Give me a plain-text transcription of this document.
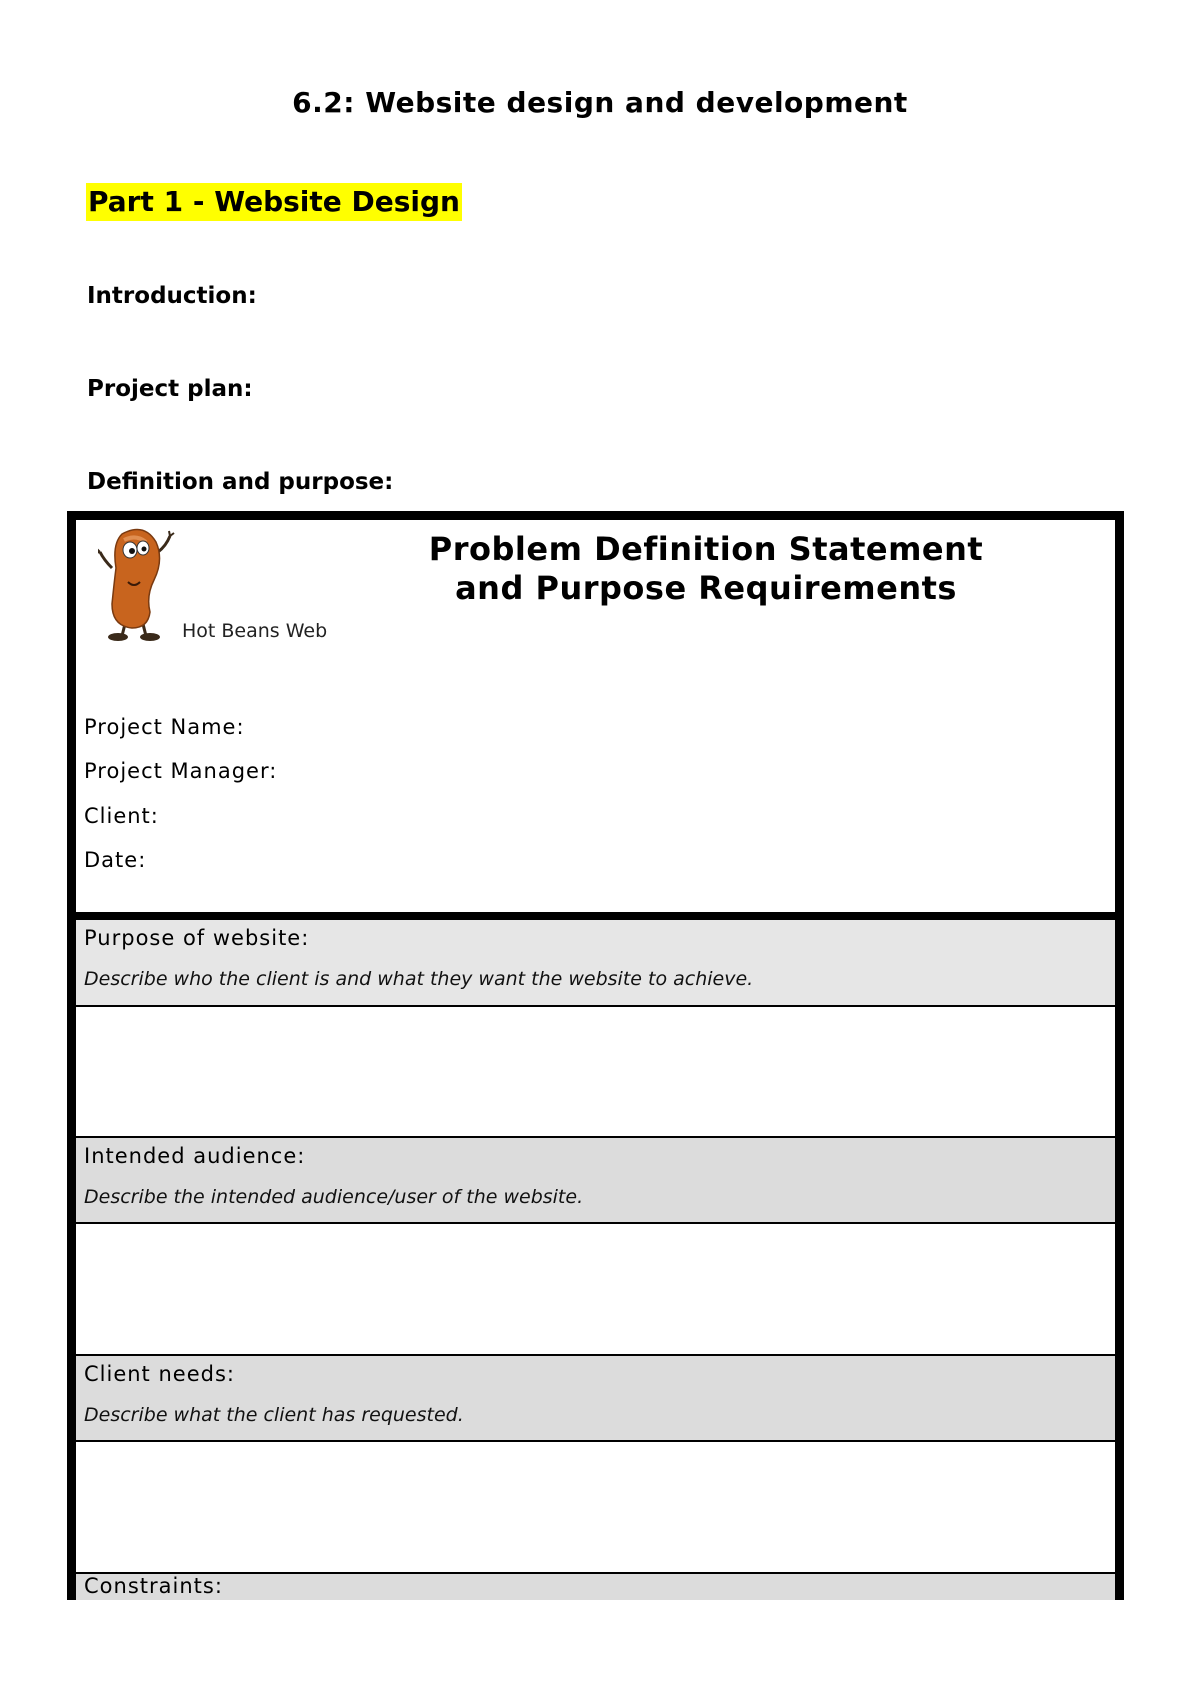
6.2: Website design and development
Part 1 - Website Design
Introduction:
Project plan:
Definition and purpose:
Hot Beans Web
Problem Definition Statement
and Purpose Requirements
Project Name:
Project Manager:
Client:
Date:
Purpose of website:
Describe who the client is and what they want the website to achieve.
Intended audience:
Describe the intended audience/user of the website.
Client needs:
Describe what the client has requested.
Constraints:
